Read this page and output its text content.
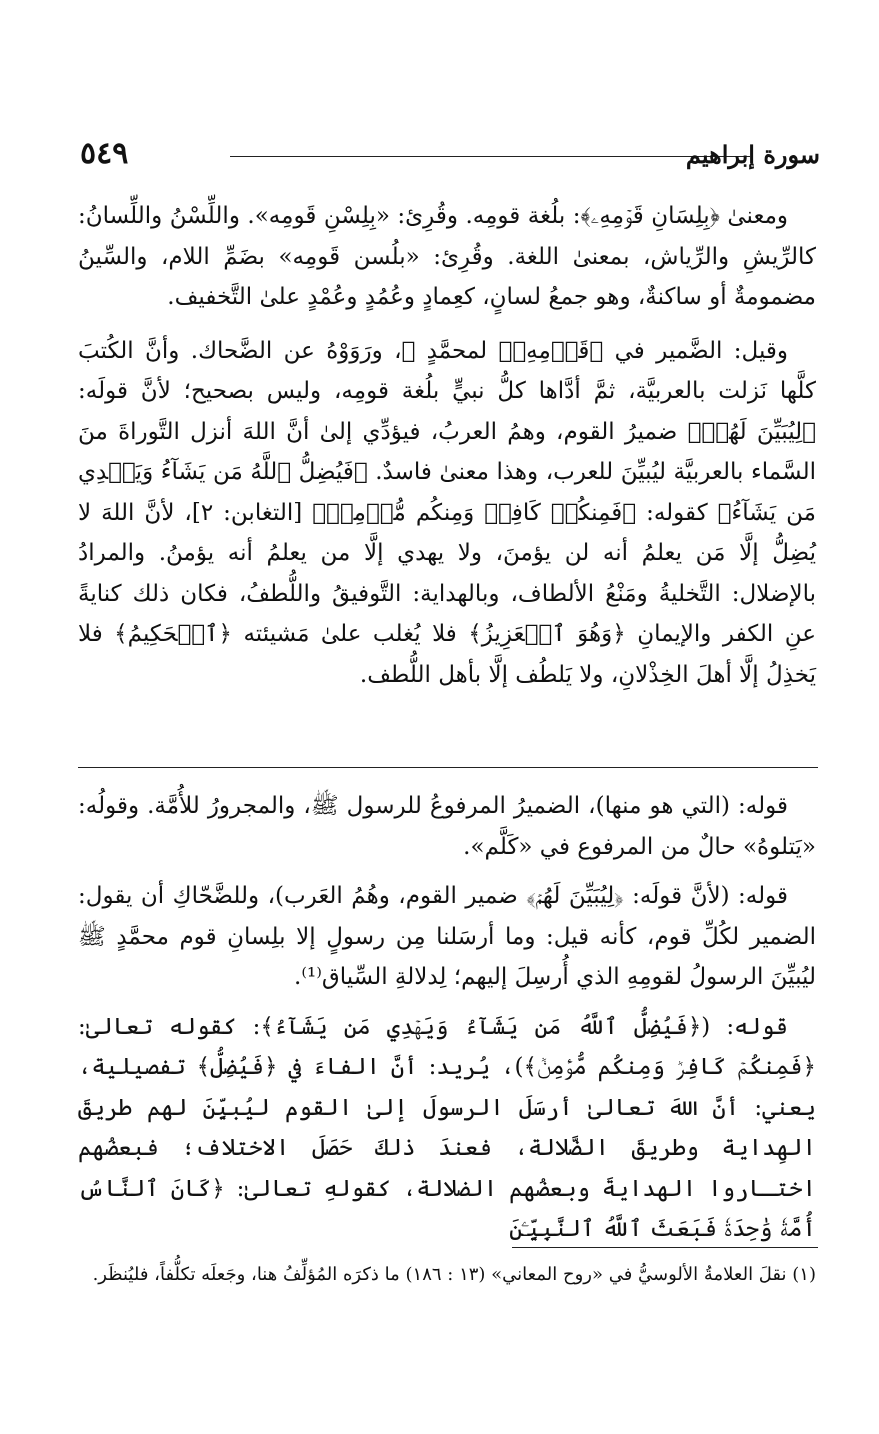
٥٤٩	سورة إبراهيم

ومعنىٰ ﴿بِلِسَانِ قَوۡمِهِۦ﴾: بلُغة قومِه. وقُرِئ: «بِلِسْنِ قَومِه». واللِّسْنُ واللِّسانُ: كالرِّيشِ والرِّياش، بمعنىٰ اللغة. وقُرِئ: «بلُسن قَومِه» بضَمِّ اللام، والسِّينُ مضمومةٌ أو ساكنةٌ، وهو جمعُ لسانٍ، كعِمادٍ وعُمُدٍ وعُمْدٍ علىٰ التَّخفيف.

وقيل: الضَّمير في ﴿قَوۡمِهِۦ﴾ لمحمَّدٍ ﷺ، ورَوَوْهُ عن الضَّحاك. وأنَّ الكُتبَ كلَّها نَزلت بالعربيَّة، ثمَّ أدَّاها كلُّ نبيٍّ بلُغة قومِه، وليس بصحيح؛ لأنَّ قولَه: ﴿لِيُبَيِّنَ لَهُمۡ﴾ ضميرُ القوم، وهمُ العربُ، فيؤدِّي إلىٰ أنَّ اللهَ أنزل التَّوراةَ منَ السَّماء بالعربيَّة ليُبيِّنَ للعرب، وهذا معنىٰ فاسدٌ. ﴿فَيُضِلُّ ٱللَّهُ مَن يَشَآءُ وَيَهۡدِي مَن يَشَآءُ﴾ كقوله: ﴿فَمِنكُمۡ كَافِرٞ وَمِنكُم مُّؤۡمِنٞ﴾ [التغابن: ٢]، لأنَّ اللهَ لا يُضِلُّ إلَّا مَن يعلمُ أنه لن يؤمنَ، ولا يهدي إلَّا من يعلمُ أنه يؤمنُ. والمرادُ بالإضلال: التَّخليةُ ومَنْعُ الألطاف، وبالهداية: التَّوفيقُ واللُّطفُ، فكان ذلك كنايةً عنِ الكفر والإيمانِ ﴿وَهُوَ ٱلۡعَزِيزُ﴾ فلا يُغلب علىٰ مَشيئته ﴿ٱلۡحَكِيمُ﴾ فلا يَخذِلُ إلَّا أهلَ الخِذْلانِ، ولا يَلطُف إلَّا بأهل اللُّطف.

قوله: (التي هو منها)، الضميرُ المرفوعُ للرسول ﷺ، والمجرورُ للأُمَّة. وقولُه: «يَتلوهُ» حالٌ من المرفوع في «كَلَّم».

قوله: (لأنَّ قولَه: ﴿لِيُبَيِّنَ لَهُمۡ﴾ ضمير القوم، وهُمُ العَرب)، وللضَّحّاكِ أن يقول: الضمير لكُلِّ قوم، كأنه قيل: وما أرسَلنا مِن رسولٍ إلا بلِسانِ قوم محمَّدٍ ﷺ ليُبيِّنَ الرسولُ لقومِهِ الذي أُرسِلَ إليهم؛ لِدلالةِ السِّياق⁽¹⁾.

قوله: (﴿فَيُضِلُّ ٱللَّهُ مَن يَشَآءُ وَيَهۡدِي مَن يَشَآءُ﴾: كقوله تعالىٰ: ﴿فَمِنكُمۡ كَافِرٞ وَمِنكُم مُّؤۡمِنٞ﴾)، يُريد: أنَّ الفاءَ في ﴿فَيُضِلُّ﴾ تفصيلية، يعني: أنَّ اللهَ تعالىٰ أرسَلَ الرسولَ إلىٰ القوم ليُبيِّنَ لهم طريقَ الهِداية وطريقَ الضَّلالة، فعندَ ذلكَ حَصَلَ الاختلاف؛ فبعضُهم اختـاروا الهدايةَ وبعضُهم الضلالة، كقولهِ تعالىٰ: ﴿كَانَ ٱلنَّاسُ أُمَّةٗ وَٰحِدَةٗ فَبَعَثَ ٱللَّهُ ٱلنَّبِيِّـۧنَ

(١) نقلَ العلامةُ الألوسيُّ في «روح المعاني» (١٣ : ١٨٦) ما ذكرَه المُؤلِّفُ هنا، وجَعلَه تكلُّفاً، فليُنظَر.
